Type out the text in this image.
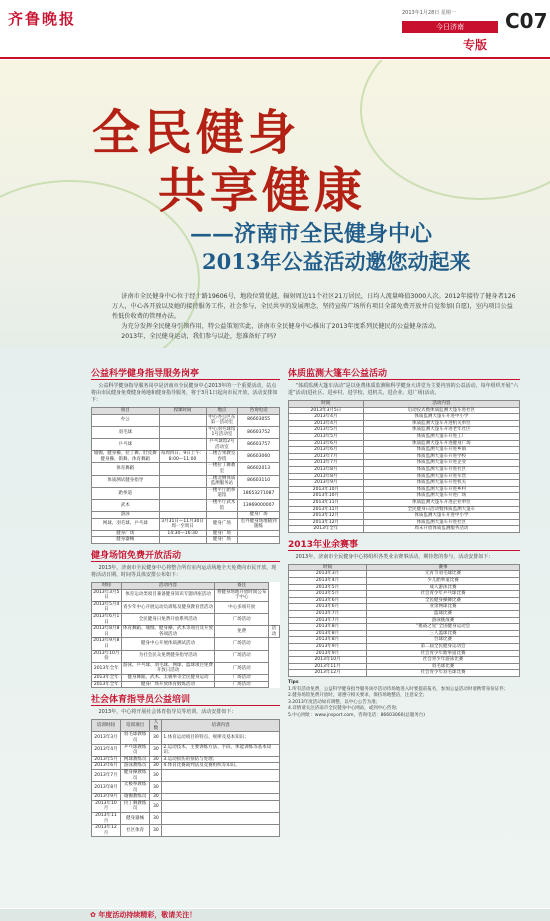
齐鲁晚报	2013年1月28日 星期一
今日济南
专版
C07
全民健身
共享健康
——济南市全民健身中心
2013年公益活动邀您动起来

济南市全民健身中心位于经十路19606号，地段位置优越，辐射周边11个社区21万居民，日均人流量峰值3000人次。2012年接待了健身者126万人，中心各开放以及她的接待服务工作，社会参与，全民共享的发展理念，坚持宣传广场所有项目全部免费开放并自觉参加(自愿)，室内项目公益性低价收费的管理办法。

为充分发挥全民健身引领作用，特公益策划实此，济南市全民健身中心推出了2013年度系列民健民的公益健身活动。

2013年，全民健身运动，我们参与以赴，您准备好了吗?

公益科学健身指导服务岗亭
公益科学健身指导服务岗亭是济南市全民健身中心2013年的一个重要活动，站点将由市民健身免费健身场地和健身指导服务，将于3月1日起向市民开放，活动安排如下：
项目	授课时间	地点	咨询电话
办公		中心办公区东第一活动室	86603055
羽毛球		中心羽毛球馆1号活动室	86603752
乒乓球		乒乓球馆2号活动室	86603757
瑜伽、健身操、拉丁舞、肚皮舞健身操、街舞、体育舞蹈	每周四日、9日上午：8:00—11:00	二楼吉果教室卷绕	86603060
体育舞蹈		一楼拉丁舞教室	86602013
体质测试健身指导		二楼北侧体质监测服务站	86603110
跆拳道		一楼平厅跆拳道馆	18653271087
武术		一楼平厅武术馆	13969000007
游泳			健身广场
网球、羽毛球、乒乓球	3月31日—11月30日 周一至周日	健身广场	室外健身场地随到随练
健身广场	14:30—16:30	健身广场	
健身器械		健身广场	
健身场馆免费开放活动
2013年，济南市全民健身中心将整合所有室内运动场地全天免费向市民开放，现将活动日期、时间等具体安排公布如下：
时间	活动内容	备注	
2013年3月5日	体育运动类项目兼备健身知识专题讲座活动	将健身场地开放时间公布于中心	
2013年5月4日	青少年中心开展运动员训练及健身教育营活动	中心多项开放	
2013年6月1日	全民健身日免费开放系列活动	广场活动	
2013年8月8日	体育舞蹈、瑜伽、健身操、武术等项目及开放各项活动	免费	活动
2013年9月8日	健身中心开展体质测试活动	广场活动	
2013年10月份	为社会民众免费健身指导活动	广场活动	
2013年全年	游泳、乒乓球、羽毛球、网球、篮球项目免费开放日活动	广场活动	
2013年全年	健身舞蹈、武术、太极拳等全民健身运动	广场活动	
2013年全年	健身广场开放体育锻炼活动	广场活动	
社会体育指导员公益培训
2013年，中心将开展社会体育指导员等培训，活动安排如下：
培训时间	培训项目	人数	培训内容
2013年3月	羽毛球教练员	30	1.体育运动项目的特点、规律及基本知识；
2013年4月	乒乓球教练员	30	2.运动技术、主要训练方法、手段、体能训练等基本知识；
2013年5月	网球教练员	30	3.运动损伤的预防与处理；
2013年6月	游泳教练员	30	4.体育比赛裁判法及竞赛组织等知识。
2013年7月	健身操教练员	30	
2013年8月	太极拳教练员	30	
2013年9月	瑜伽教练员	30	
2013年10月	拉丁舞教练员	30	
2013年11月	健身器械	30	
2013年12月	社区体育	30	
体质监测大篷车公益活动
“体质监测大篷车活动”是以免费体质监测和科学健身大讲堂为主要内容的公益活动，每年组织开展“六进”活动(进社区、进乡村、进学校、进机关、进企业、进广场)活动。
时间	活动内容
2013年3月5日	启动仪式暨体质监测大篷车进社区
2013年4月	体质监测大篷车开进中小学
2013年4月	体质监测大篷车开进机关单位
2013年5月	体质监测大篷车开进老年社区
2013年5月	体质监测大篷车开进工厂
2013年6月	体质监测大篷车开进健身广场
2013年6月	体质监测大篷车开进乡镇
2013年7月	体质监测大篷车开进学校
2013年7月	体质监测大篷车开进企业
2013年8月	体质监测大篷车开进社区
2013年8月	体质监测大篷车开进军营
2013年9月	体质监测大篷车开进机关
2013年10月	体质监测大篷车开进乡村
2013年10月	体质监测大篷车开进广场
2013年11月	体质监测大篷车开进企业单位
2013年11月	全民健身日活动暨体质监测大篷车
2013年12月	体质监测大篷车开进中小学
2013年12月	体质监测大篷车开进社区
2013年全年	周末开放体质监测服务活动
2013年业余赛事
2013年，济南市全民健身中心将组织各类业余赛事活动，期待您的参与，活动安排如下：
时间	赛事
2013年3月	元宵节羽毛球比赛
2013年4月	少儿跆拳道比赛
2013年5月	成人游泳比赛
2013年5月	社会青少年乒乓球比赛
2013年6月	全民健身操舞比赛
2013年6月	业余网球比赛
2013年7月	篮球比赛
2013年7月	游泳挑战赛
2013年8月	“挑战之星”全国健身运动会
2013年8月	三人篮球比赛
2013年8月	台球比赛
2013年9月	第二届全民健身运动会
2013年9月	社会青少年跆拳道比赛
2013年10月	社会青少年游泳比赛
2013年11月	羽毛球比赛
2013年12月	社会青少年羽毛球比赛
Tips
1.所有活动免费，公益科学健身指导服务岗亭活动待场地进入时要提前报名，参加公益活动时请携带身份证件；
2.健身场馆免费开放时，请遵守相关要求，保持场地整洁，注意安全；
3.2013年度活动如有调整，以中心公告为准；
4.详情请关注济南市全民健身中心网站，或到中心咨询；
5.中心网址：www.jnsport.com，咨询电话：86603060(总服务台)
✿ 年度活动持续精彩，敬请关注！
